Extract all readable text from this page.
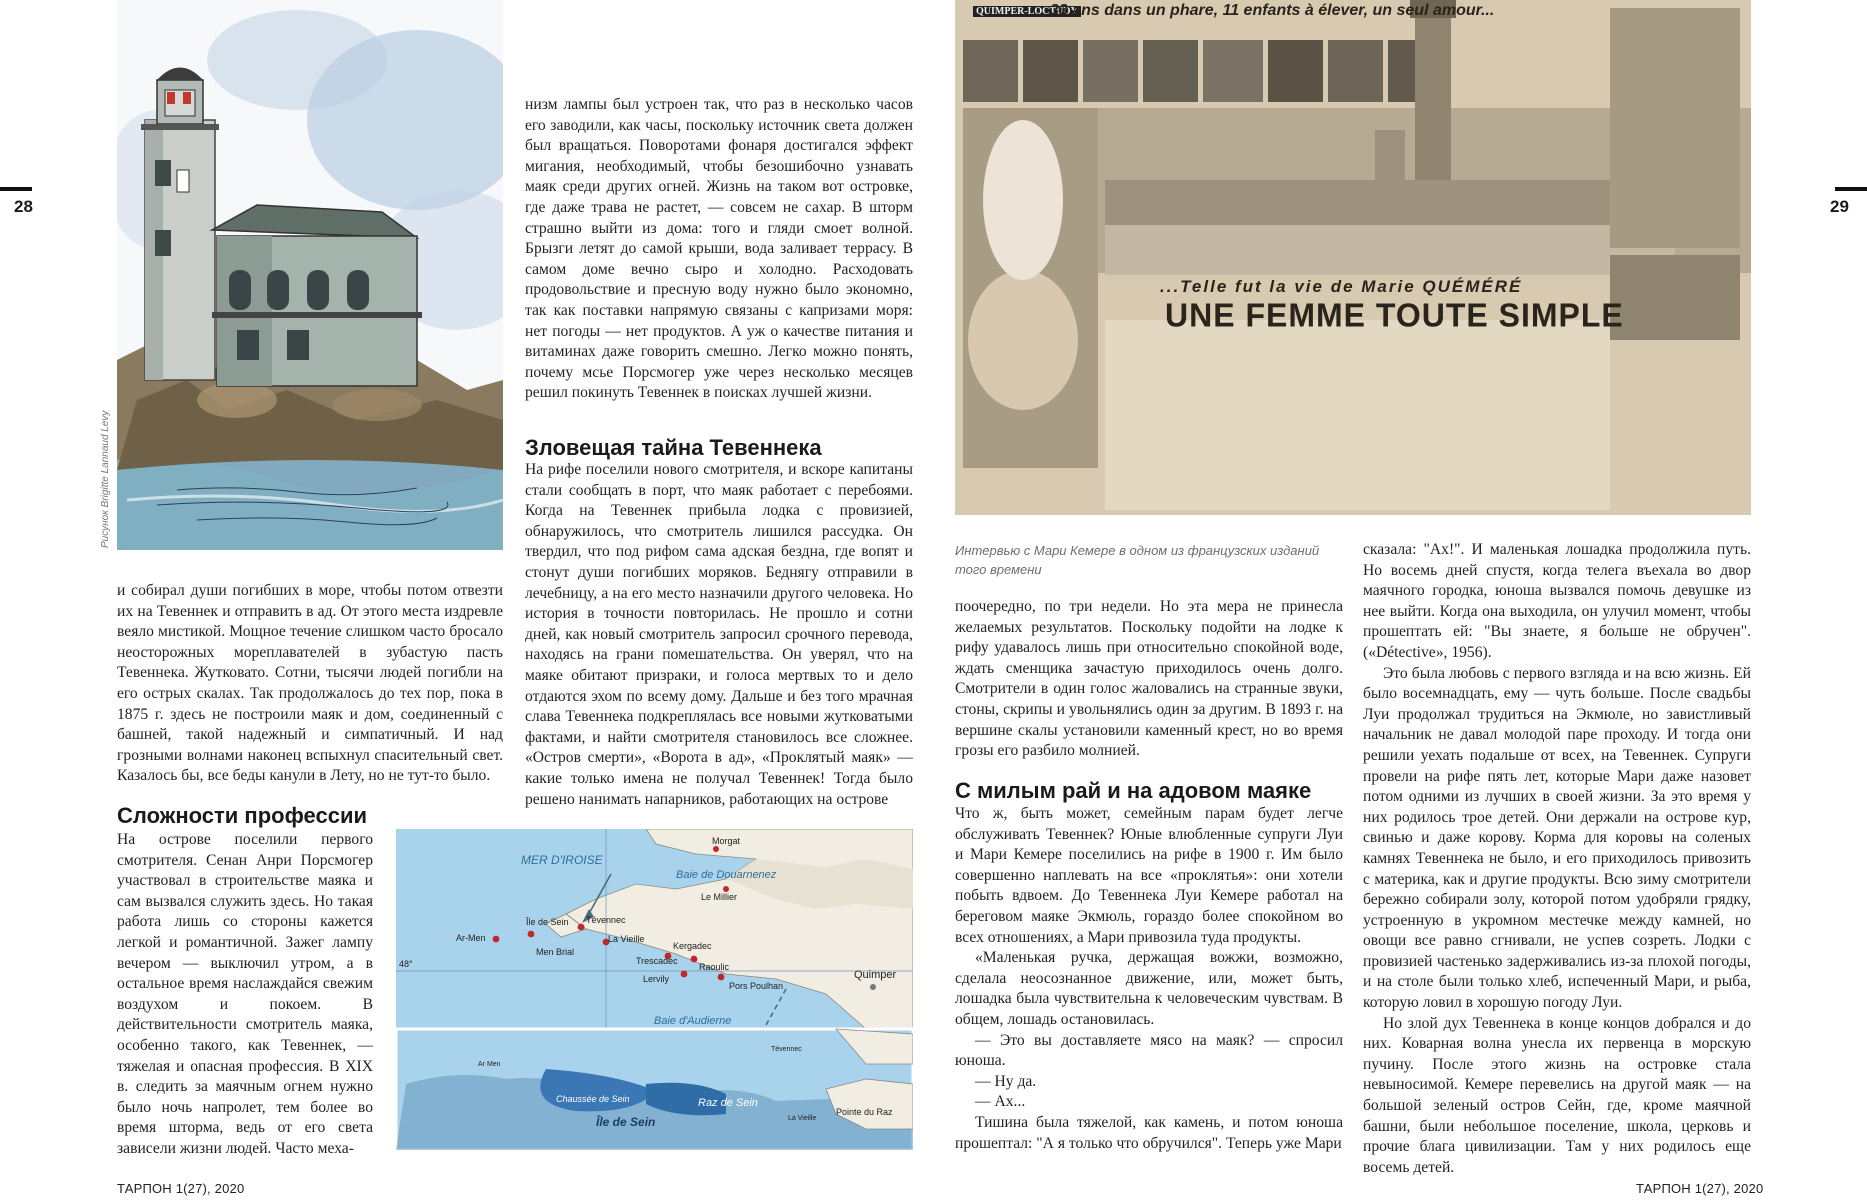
28
Рисунок Brigitte Lannaud Levy

и собирал души погибших в море, чтобы потом отвезти их на Тевеннек и отправить в ад. От этого места издревле веяло мистикой. Мощное течение слишком часто бросало неосторожных мореплавателей в зубастую пасть Тевеннека. Жутковато. Сотни, тысячи людей погибли на его острых скалах. Так продолжалось до тех пор, пока в 1875 г. здесь не построили маяк и дом, соединенный с башней, такой надежный и симпатичный. И над грозными волнами наконец вспыхнул спасительный свет. Казалось бы, все беды канули в Лету, но не тут-то было.

Сложности профессии

На острове поселили первого смотрителя. Сенан Анри Порсмогер участвовал в строительстве маяка и сам вызвался служить здесь. Но такая работа лишь со стороны кажется легкой и романтичной. Зажег лампу вечером — выключил утром, а в остальное время наслаждайся свежим воздухом и покоем. В действительности смотритель маяка, особенно такого, как Тевеннек, — тяжелая и опасная профессия. В XIX в. следить за маячным огнем нужно было ночь напролет, тем более во время шторма, ведь от его света зависели жизни людей. Часто меха-

низм лампы был устроен так, что раз в несколько часов его заводили, как часы, поскольку источник света должен был вращаться. Поворотами фонаря достигался эффект мигания, необходимый, чтобы безошибочно узнавать маяк среди других огней. Жизнь на таком вот островке, где даже трава не растет, — совсем не сахар. В шторм страшно выйти из дома: того и гляди смоет волной. Брызги летят до самой крыши, вода заливает террасу. В самом доме вечно сыро и холодно. Расходовать продовольствие и пресную воду нужно было экономно, так как поставки напрямую связаны с капризами моря: нет погоды — нет продуктов. А уж о качестве питания и витаминах даже говорить смешно. Легко можно понять, почему мсье Порсмогер уже через несколько месяцев решил покинуть Тевеннек в поисках лучшей жизни.

Зловещая тайна Тевеннека

На рифе поселили нового смотрителя, и вскоре капитаны стали сообщать в порт, что маяк работает с перебоями. Когда на Тевеннек прибыла лодка с провизией, обнаружилось, что смотритель лишился рассудка. Он твердил, что под рифом сама адская бездна, где вопят и стонут души погибших моряков. Беднягу отправили в лечебницу, а на его место назначили другого человека. Но история в точности повторилась. Не прошло и сотни дней, как новый смотритель запросил срочного перевода, находясь на грани помешательства. Он уверял, что на маяке обитают призраки, и голоса мертвых то и дело отдаются эхом по всему дому. Дальше и без того мрачная слава Тевеннека подкреплялась все новыми жутковатыми фактами, и найти смотрителя становилось все сложнее. «Остров смерти», «Ворота в ад», «Проклятый маяк» — какие только имена не получал Тевеннек! Тогда было решено нанимать напарников, работающих на острове

MER D'IROISE
Baie de Douarnenez
Baie d'Audierne
Morgat
Le Millier
Ar-Men
Île de Sein Tévennec
La Vieille
Men Brial
Kergadec
Trescadec
Raoulic
Lervily
Pors Poulhan
Quimper
48°
Ar Men
Chaussée de Sein
Île de Sein
Raz de Sein
Tévennec
La Vieille
Pointe du Raz
ТАРПОН 1(27), 2020
29
QUIMPER-LOCTUDY
33 ans dans un phare, 11 enfants à élever, un seul amour...
...Telle fut la vie de Marie QUÉMÉRÉ
UNE FEMME TOUTE SIMPLE
Интервью с Мари Кемере в одном из французских изданий того времени

поочередно, по три недели. Но эта мера не принесла желаемых результатов. Поскольку подойти на лодке к рифу удавалось лишь при относительно спокойной воде, ждать сменщика зачастую приходилось очень долго. Смотрители в один голос жаловались на странные звуки, стоны, скрипы и увольнялись один за другим. В 1893 г. на вершине скалы установили каменный крест, но во время грозы его разбило молнией.

С милым рай и на адовом маяке

Что ж, быть может, семейным парам будет легче обслуживать Тевеннек? Юные влюбленные супруги Луи и Мари Кемере поселились на рифе в 1900 г. Им было совершенно наплевать на все «проклятья»: они хотели побыть вдвоем. До Тевеннека Луи Кемере работал на береговом маяке Экмюль, гораздо более спокойном во всех отношениях, а Мари привозила туда продукты.

«Маленькая ручка, держащая вожжи, возможно, сделала неосознанное движение, или, может быть, лошадка была чувствительна к человеческим чувствам. В общем, лошадь остановилась.

— Это вы доставляете мясо на маяк? — спросил юноша.

— Ну да.

— Ах...

Тишина была тяжелой, как камень, и потом юноша прошептал: "А я только что обручился". Теперь уже Мари

сказала: "Ах!". И маленькая лошадка продолжила путь. Но восемь дней спустя, когда телега въехала во двор маячного городка, юноша вызвался помочь девушке из нее выйти. Когда она выходила, он улучил момент, чтобы прошептать ей: "Вы знаете, я больше не обручен". («Détective», 1956).

Это была любовь с первого взгляда и на всю жизнь. Ей было восемнадцать, ему — чуть больше. После свадьбы Луи продолжал трудиться на Экмюле, но завистливый начальник не давал молодой паре проходу. И тогда они решили уехать подальше от всех, на Тевеннек. Супруги провели на рифе пять лет, которые Мари даже назовет потом одними из лучших в своей жизни. За это время у них родилось трое детей. Они держали на острове кур, свинью и даже корову. Корма для коровы на соленых камнях Тевеннека не было, и его приходилось привозить с материка, как и другие продукты. Всю зиму смотрители бережно собирали золу, которой потом удобряли грядку, устроенную в укромном местечке между камней, но овощи все равно сгнивали, не успев созреть. Лодки с провизией частенько задерживались из-за плохой погоды, и на столе были только хлеб, испеченный Мари, и рыба, которую ловил в хорошую погоду Луи.

Но злой дух Тевеннека в конце концов добрался и до них. Коварная волна унесла их первенца в морскую пучину. После этого жизнь на островке стала невыносимой. Кемере перевелись на другой маяк — на большой зеленый остров Сейн, где, кроме маячной башни, были небольшое поселение, школа, церковь и прочие блага цивилизации. Там у них родилось еще восемь детей.

ТАРПОН 1(27), 2020
